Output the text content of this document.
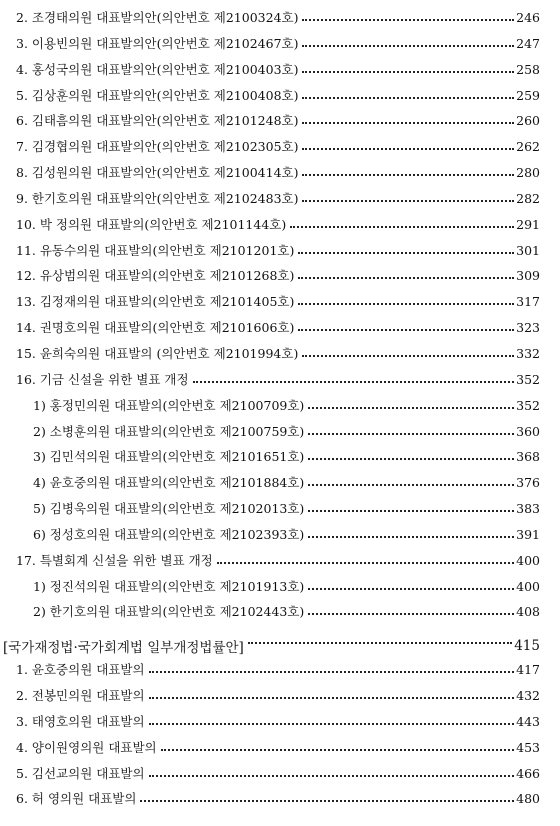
2. 조경태의원 대표발의안(의안번호 제2100324호)	246
3. 이용빈의원 대표발의안(의안번호 제2102467호)	247
4. 홍성국의원 대표발의안(의안번호 제2100403호)	258
5. 김상훈의원 대표발의안(의안번호 제2100408호)	259
6. 김태흠의원 대표발의안(의안번호 제2101248호)	260
7. 김경협의원 대표발의안(의안번호 제2102305호)	262
8. 김성원의원 대표발의안(의안번호 제2100414호)	280
9. 한기호의원 대표발의안(의안번호 제2102483호)	282
10. 박 정의원 대표발의(의안번호 제2101144호)	291
11. 유동수의원 대표발의(의안번호 제2101201호)	301
12. 유상범의원 대표발의(의안번호 제2101268호)	309
13. 김정재의원 대표발의(의안번호 제2101405호)	317
14. 권명호의원 대표발의(의안번호 제2101606호)	323
15. 윤희숙의원 대표발의 (의안번호 제2101994호)	332
16. 기금 신설을 위한 별표 개정	352
1) 홍정민의원 대표발의(의안번호 제2100709호)	352
2) 소병훈의원 대표발의(의안번호 제2100759호)	360
3) 김민석의원 대표발의(의안번호 제2101651호)	368
4) 윤호중의원 대표발의(의안번호 제2101884호)	376
5) 김병욱의원 대표발의(의안번호 제2102013호)	383
6) 정성호의원 대표발의(의안번호 제2102393호)	391
17. 특별회계 신설을 위한 별표 개정	400
1) 정진석의원 대표발의(의안번호 제2101913호)	400
2) 한기호의원 대표발의(의안번호 제2102443호)	408
[국가재정법·국가회계법 일부개정법률안]	415
1. 윤호중의원 대표발의	417
2. 전봉민의원 대표발의	432
3. 태영호의원 대표발의	443
4. 양이원영의원 대표발의	453
5. 김선교의원 대표발의	466
6. 허 영의원 대표발의	480
